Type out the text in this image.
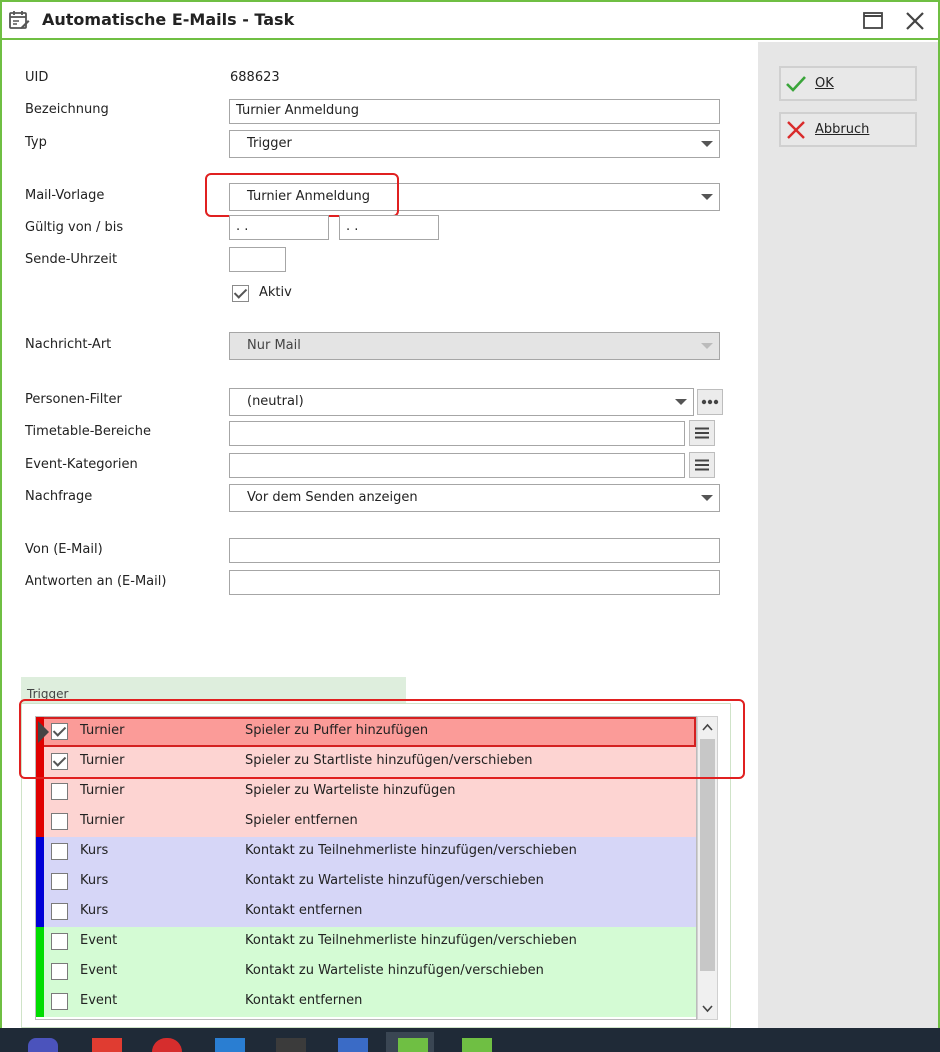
Automatische E-Mails - Task
UID	688623
Bezeichnung	Turnier Anmeldung
Typ	Trigger
Mail-Vorlage	Turnier Anmeldung
Gültig von / bis	. .	. .
Sende-Uhrzeit
Aktiv
Nachricht-Art	Nur Mail
Personen-Filter	(neutral)
Timetable-Bereiche
Event-Kategorien
Nachfrage	Vor dem Senden anzeigen
Von (E-Mail)
Antworten an (E-Mail)
OK
Abbruch
Trigger
Turnier	Spieler zu Puffer hinzufügen
Turnier	Spieler zu Startliste hinzufügen/verschieben
Turnier	Spieler zu Warteliste hinzufügen
Turnier	Spieler entfernen
Kurs	Kontakt zu Teilnehmerliste hinzufügen/verschieben
Kurs	Kontakt zu Warteliste hinzufügen/verschieben
Kurs	Kontakt entfernen
Event	Kontakt zu Teilnehmerliste hinzufügen/verschieben
Event	Kontakt zu Warteliste hinzufügen/verschieben
Event	Kontakt entfernen
